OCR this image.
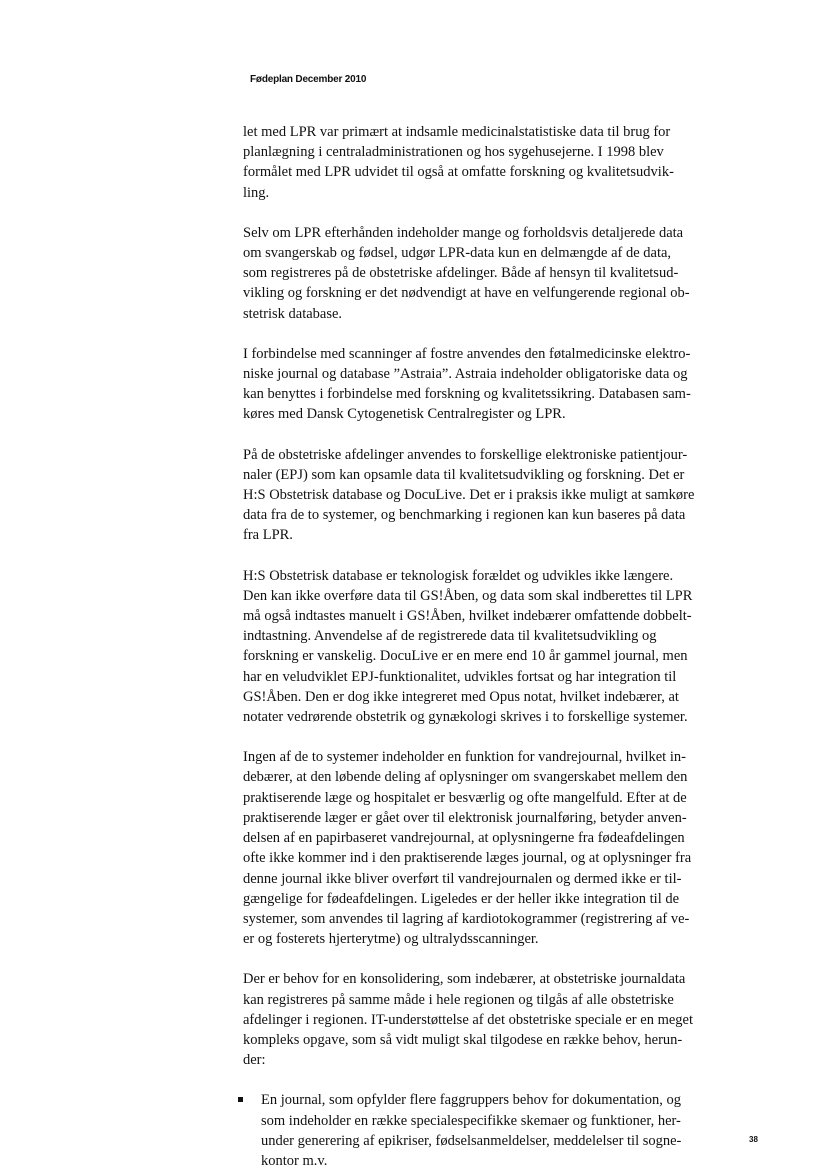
Fødeplan December 2010

let med LPR var primært at indsamle medicinalstatistiske data til brug for
planlægning i centraladministrationen og hos sygehusejerne. I 1998 blev
formålet med LPR udvidet til også at omfatte forskning og kvalitetsudvik-
ling.

Selv om LPR efterhånden indeholder mange og forholdsvis detaljerede data
om svangerskab og fødsel, udgør LPR-data kun en delmængde af de data,
som registreres på de obstetriske afdelinger. Både af hensyn til kvalitetsud-
vikling og forskning er det nødvendigt at have en velfungerende regional ob-
stetrisk database.

I forbindelse med scanninger af fostre anvendes den føtalmedicinske elektro-
niske journal og database ”Astraia”. Astraia indeholder obligatoriske data og
kan benyttes i forbindelse med forskning og kvalitetssikring. Databasen sam-
køres med Dansk Cytogenetisk Centralregister og LPR.

På de obstetriske afdelinger anvendes to forskellige elektroniske patientjour-
naler (EPJ) som kan opsamle data til kvalitetsudvikling og forskning. Det er
H:S Obstetrisk database og DocuLive. Det er i praksis ikke muligt at samkøre
data fra de to systemer, og benchmarking i regionen kan kun baseres på data
fra LPR.

H:S Obstetrisk database er teknologisk forældet og udvikles ikke længere.
Den kan ikke overføre data til GS!Åben, og data som skal indberettes til LPR
må også indtastes manuelt i GS!Åben, hvilket indebærer omfattende dobbelt-
indtastning. Anvendelse af de registrerede data til kvalitetsudvikling og
forskning er vanskelig. DocuLive er en mere end 10 år gammel journal, men
har en veludviklet EPJ-funktionalitet, udvikles fortsat og har integration til
GS!Åben. Den er dog ikke integreret med Opus notat, hvilket indebærer, at
notater vedrørende obstetrik og gynækologi skrives i to forskellige systemer.

Ingen af de to systemer indeholder en funktion for vandrejournal, hvilket in-
debærer, at den løbende deling af oplysninger om svangerskabet mellem den
praktiserende læge og hospitalet er besværlig og ofte mangelfuld. Efter at de
praktiserende læger er gået over til elektronisk journalføring, betyder anven-
delsen af en papirbaseret vandrejournal, at oplysningerne fra fødeafdelingen
ofte ikke kommer ind i den praktiserende læges journal, og at oplysninger fra
denne journal ikke bliver overført til vandrejournalen og dermed ikke er til-
gængelige for fødeafdelingen. Ligeledes er der heller ikke integration til de
systemer, som anvendes til lagring af kardiotokogrammer (registrering af ve-
er og fosterets hjerterytme) og ultralydsscanninger.

Der er behov for en konsolidering, som indebærer, at obstetriske journaldata
kan registreres på samme måde i hele regionen og tilgås af alle obstetriske
afdelinger i regionen. IT-understøttelse af det obstetriske speciale er en meget
kompleks opgave, som så vidt muligt skal tilgodese en række behov, herun-
der:

En journal, som opfylder flere faggruppers behov for dokumentation, og
som indeholder en række specialespecifikke skemaer og funktioner, her-
under generering af epikriser, fødselsanmeldelser, meddelelser til sogne-
kontor m.v.
38
